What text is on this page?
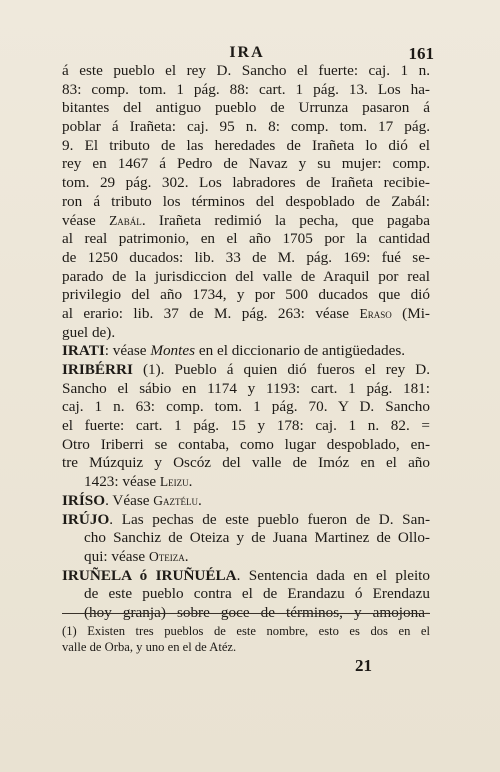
IRA	161
á este pueblo el rey D. Sancho el fuerte: caj. 1 n.
83: comp. tom. 1 pág. 88: cart. 1 pág. 13. Los ha-
bitantes del antiguo pueblo de Urrunza pasaron á
poblar á Irañeta: caj. 95 n. 8: comp. tom. 17 pág.
9. El tributo de las heredades de Irañeta lo dió el
rey en 1467 á Pedro de Navaz y su mujer: comp.
tom. 29 pág. 302. Los labradores de Irañeta recibie-
ron á tributo los términos del despoblado de Zabál:
véase Zabál. Irañeta redimió la pecha, que pagaba
al real patrimonio, en el año 1705 por la cantidad
de 1250 ducados: lib. 33 de M. pág. 169: fué se-
parado de la jurisdiccion del valle de Araquil por real
privilegio del año 1734, y por 500 ducados que dió
al erario: lib. 37 de M. pág. 263: véase Eraso (Mi-
guel de).
IRATI: véase Montes en el diccionario de antigüedades.
IRIBÉRRI (1). Pueblo á quien dió fueros el rey D.
Sancho el sábio en 1174 y 1193: cart. 1 pág. 181:
caj. 1 n. 63: comp. tom. 1 pág. 70. Y D. Sancho
el fuerte: cart. 1 pág. 15 y 178: caj. 1 n. 82. =
Otro Iriberri se contaba, como lugar despoblado, en-
tre Múzquiz y Oscóz del valle de Imóz en el año
1423: véase Leizu.
IRÍSO. Véase Gaztélu.
IRÚJO. Las pechas de este pueblo fueron de D. San-
cho Sanchiz de Oteiza y de Juana Martinez de Ollo-
qui: véase Oteiza.
IRUÑELA ó IRUÑUÉLA. Sentencia dada en el pleito
de este pueblo contra el de Erandazu ó Erendazu
(hoy granja) sobre goce de términos, y amojona-
(1) Existen tres pueblos de este nombre, esto es dos en el
valle de Orba, y uno en el de Atéz.
21
